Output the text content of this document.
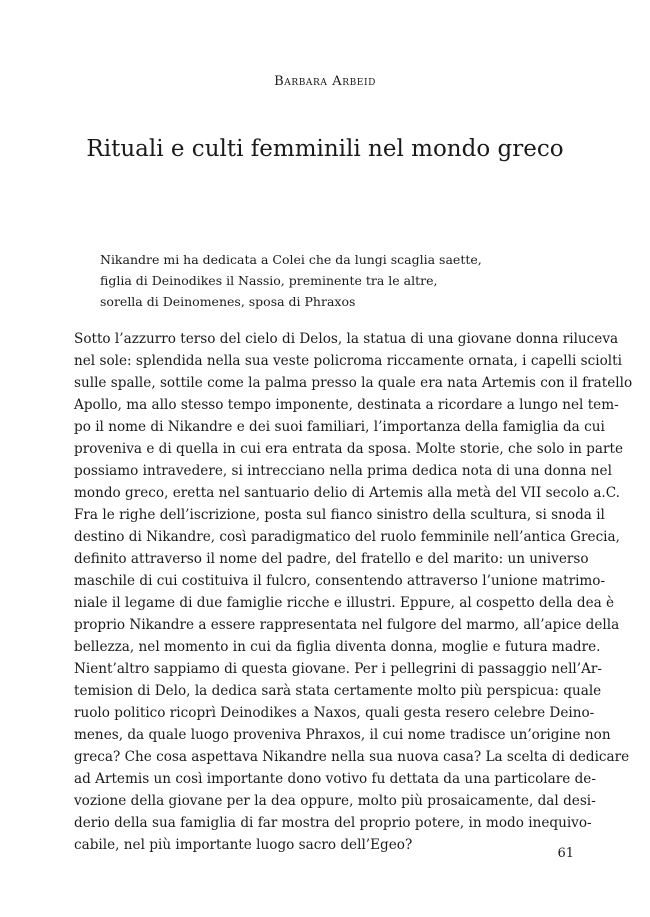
Barbara Arbeid
Rituali e culti femminili nel mondo greco
Nikandre mi ha dedicata a Colei che da lungi scaglia saette,
figlia di Deinodikes il Nassio, preminente tra le altre,
sorella di Deinomenes, sposa di Phraxos
Sotto l’azzurro terso del cielo di Delos, la statua di una giovane donna riluceva
nel sole: splendida nella sua veste policroma riccamente ornata, i capelli sciolti
sulle spalle, sottile come la palma presso la quale era nata Artemis con il fratello
Apollo, ma allo stesso tempo imponente, destinata a ricordare a lungo nel tem-
po il nome di Nikandre e dei suoi familiari, l’importanza della famiglia da cui
proveniva e di quella in cui era entrata da sposa. Molte storie, che solo in parte
possiamo intravedere, si intrecciano nella prima dedica nota di una donna nel
mondo greco, eretta nel santuario delio di Artemis alla metà del VII secolo a.C.
Fra le righe dell’iscrizione, posta sul fianco sinistro della scultura, si snoda il
destino di Nikandre, così paradigmatico del ruolo femminile nell’antica Grecia,
definito attraverso il nome del padre, del fratello e del marito: un universo
maschile di cui costituiva il fulcro, consentendo attraverso l’unione matrimo-
niale il legame di due famiglie ricche e illustri. Eppure, al cospetto della dea è
proprio Nikandre a essere rappresentata nel fulgore del marmo, all’apice della
bellezza, nel momento in cui da figlia diventa donna, moglie e futura madre.
Nient’altro sappiamo di questa giovane. Per i pellegrini di passaggio nell’Ar-
temision di Delo, la dedica sarà stata certamente molto più perspicua: quale
ruolo politico ricoprì Deinodikes a Naxos, quali gesta resero celebre Deino-
menes, da quale luogo proveniva Phraxos, il cui nome tradisce un’origine non
greca? Che cosa aspettava Nikandre nella sua nuova casa? La scelta di dedicare
ad Artemis un così importante dono votivo fu dettata da una particolare de-
vozione della giovane per la dea oppure, molto più prosaicamente, dal desi-
derio della sua famiglia di far mostra del proprio potere, in modo inequivo-
cabile, nel più importante luogo sacro dell’Egeo?
61
